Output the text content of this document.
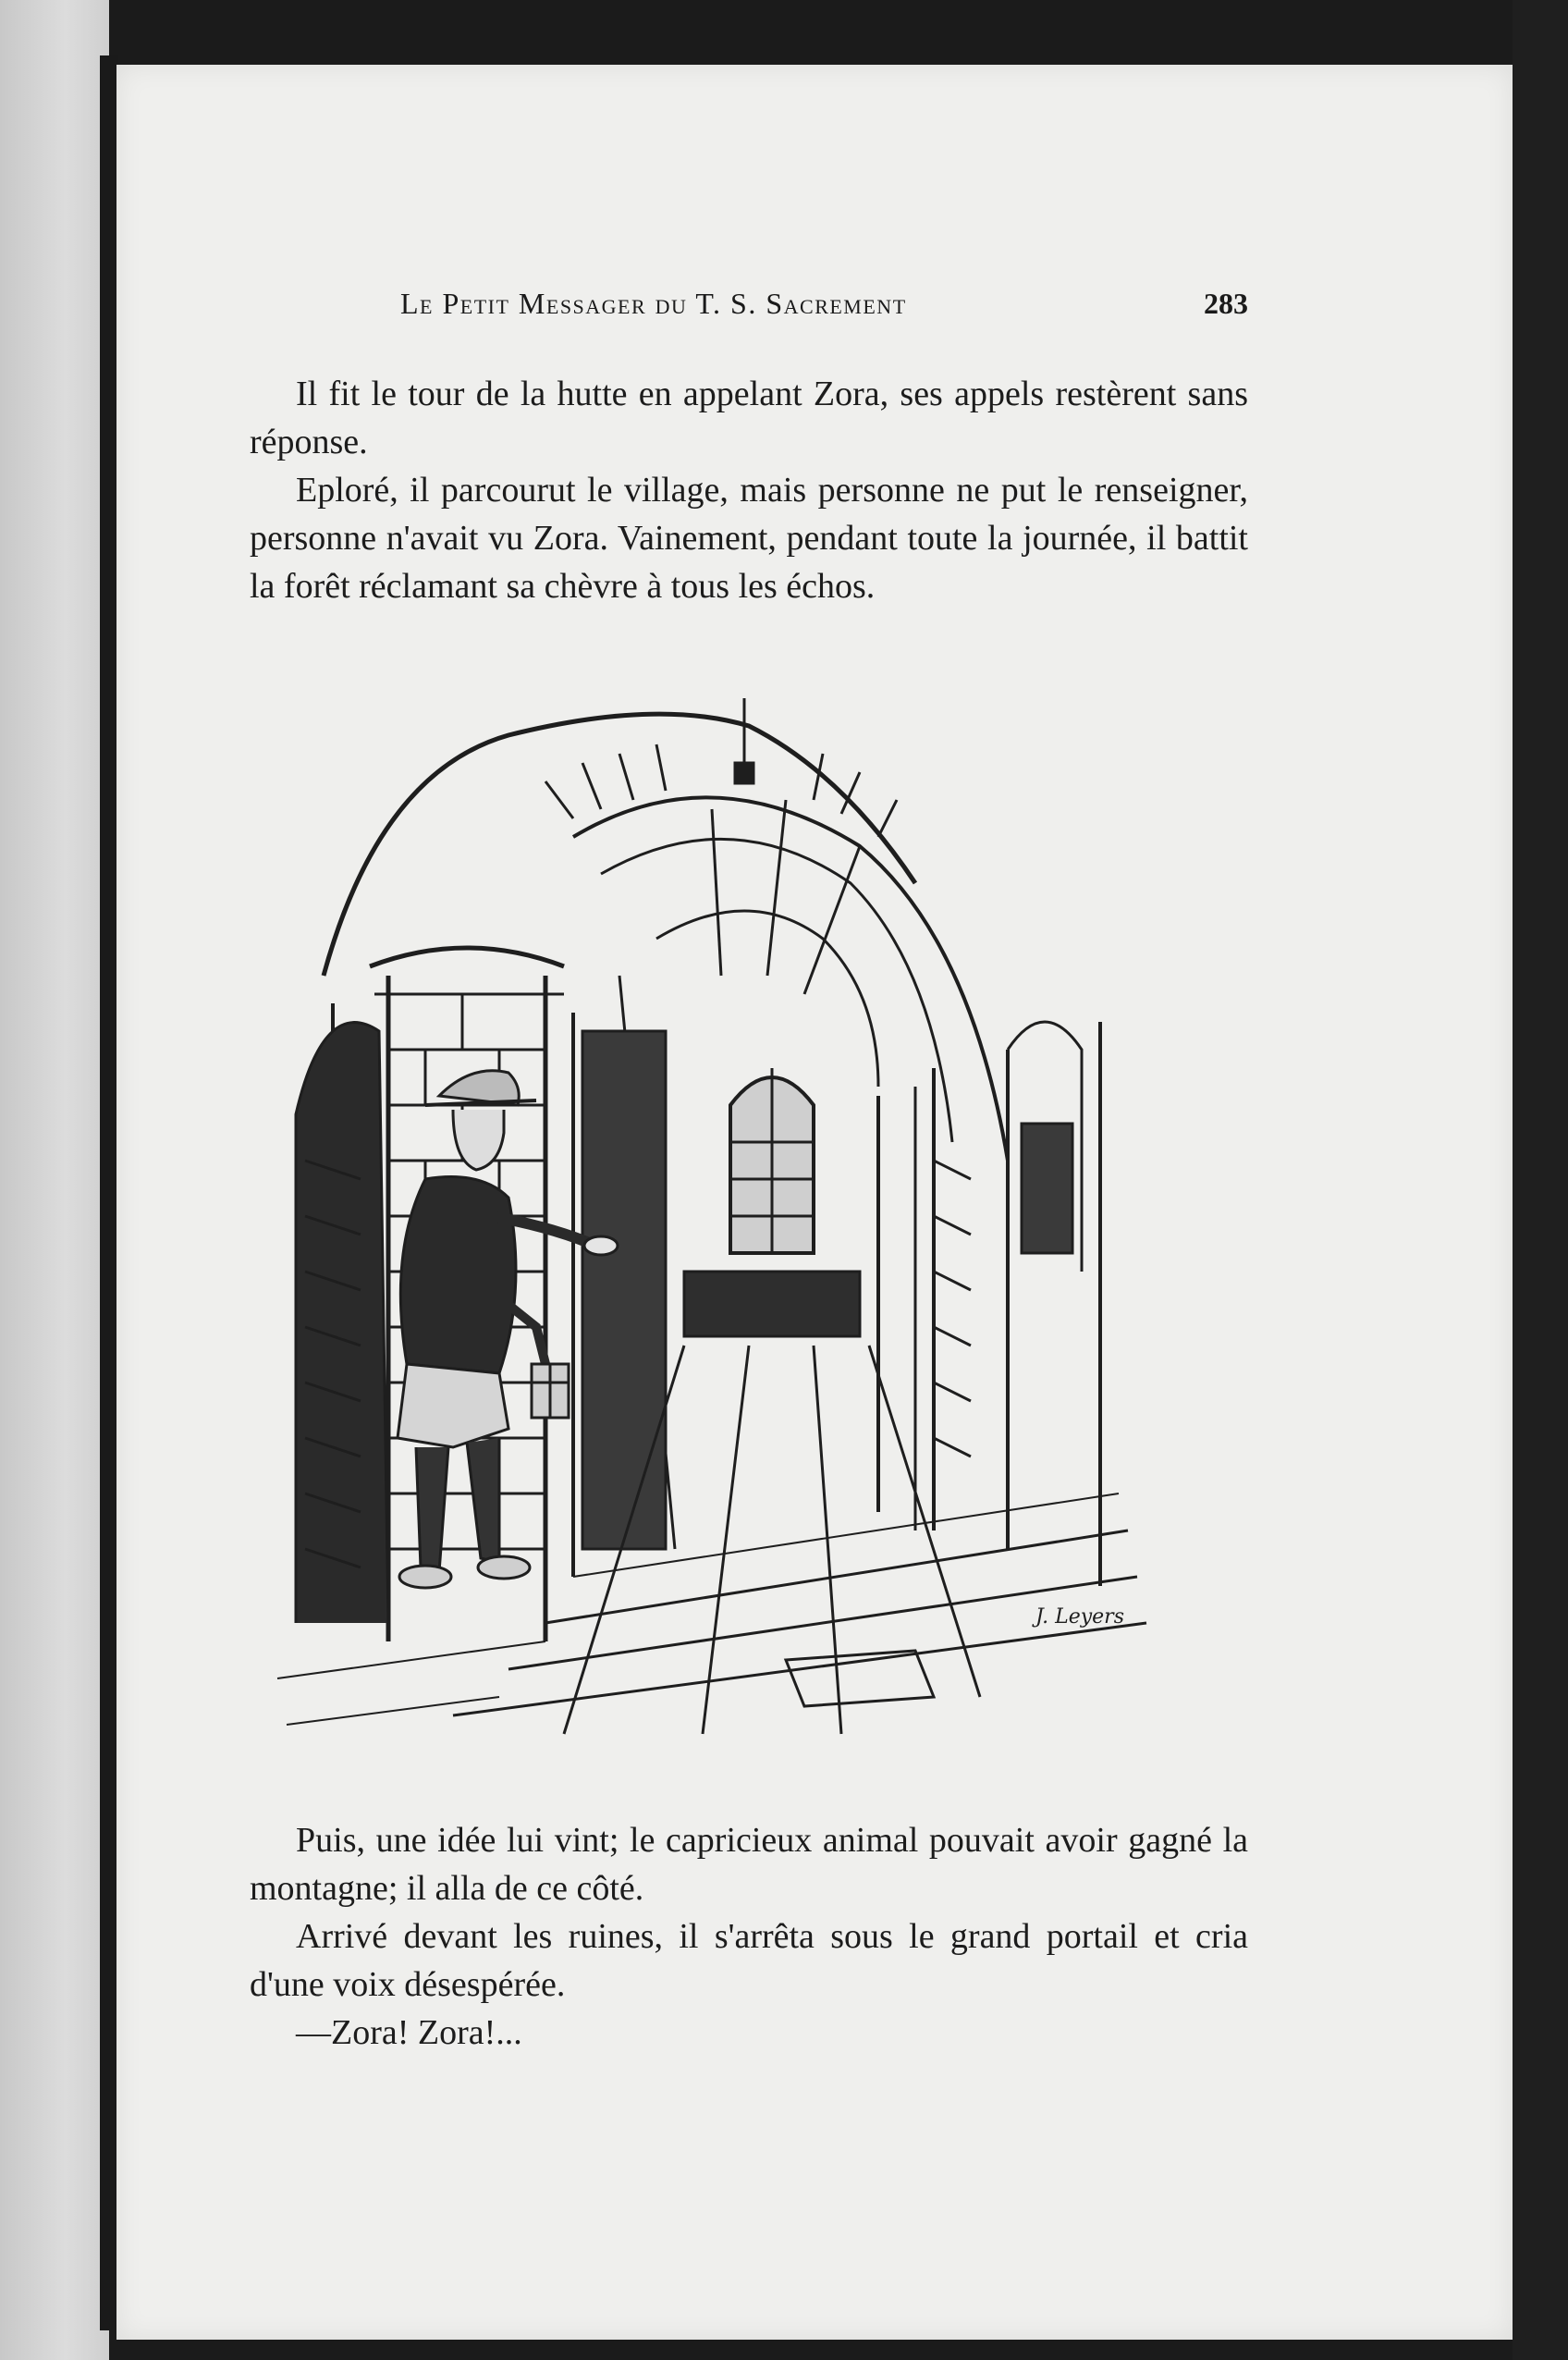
Le Petit Messager du T. S. Sacrement	283

Il fit le tour de la hutte en appelant Zora, ses appels restèrent sans réponse.

Eploré, il parcourut le village, mais personne ne put le renseigner, personne n'avait vu Zora. Vainement, pendant toute la journée, il battit la forêt réclamant sa chèvre à tous les échos.

J. Leyers

Puis, une idée lui vint; le capricieux animal pouvait avoir gagné la montagne; il alla de ce côté.

Arrivé devant les ruines, il s'arrêta sous le grand portail et cria d'une voix désespérée.

—Zora! Zora!...
